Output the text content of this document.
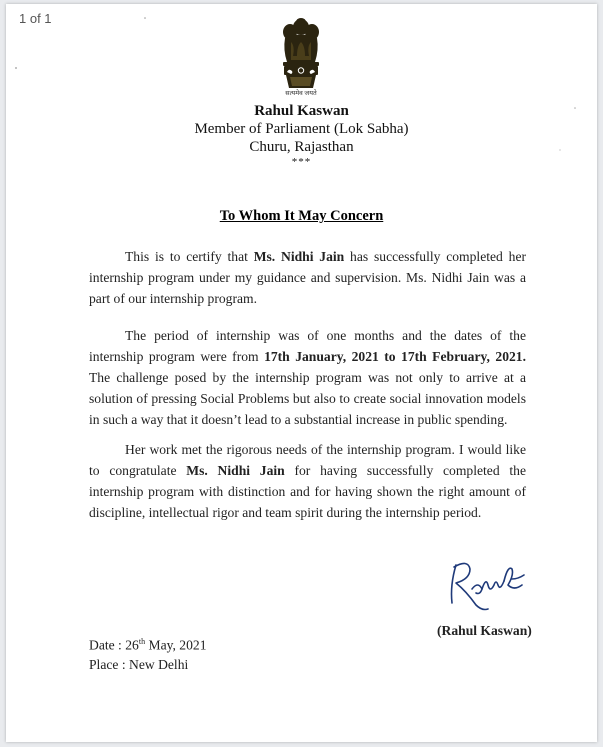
1 of 1
सत्यमेव जयते
Rahul Kaswan
Member of Parliament (Lok Sabha)
Churu, Rajasthan
***
To Whom It May Concern
This is to certify that Ms. Nidhi Jain has successfully completed her internship program under my guidance and supervision. Ms. Nidhi Jain was a part of our internship program.
The period of internship was of one months and the dates of the internship program were from 17th January, 2021 to 17th February, 2021. The challenge posed by the internship program was not only to arrive at a solution of pressing Social Problems but also to create social innovation models in such a way that it doesn’t lead to a substantial increase in public spending.
Her work met the rigorous needs of the internship program. I would like to congratulate Ms. Nidhi Jain for having successfully completed the internship program with distinction and for having shown the right amount of discipline, intellectual rigor and team spirit during the internship period.
(Rahul Kaswan)
Date : 26th May, 2021
Place : New Delhi
